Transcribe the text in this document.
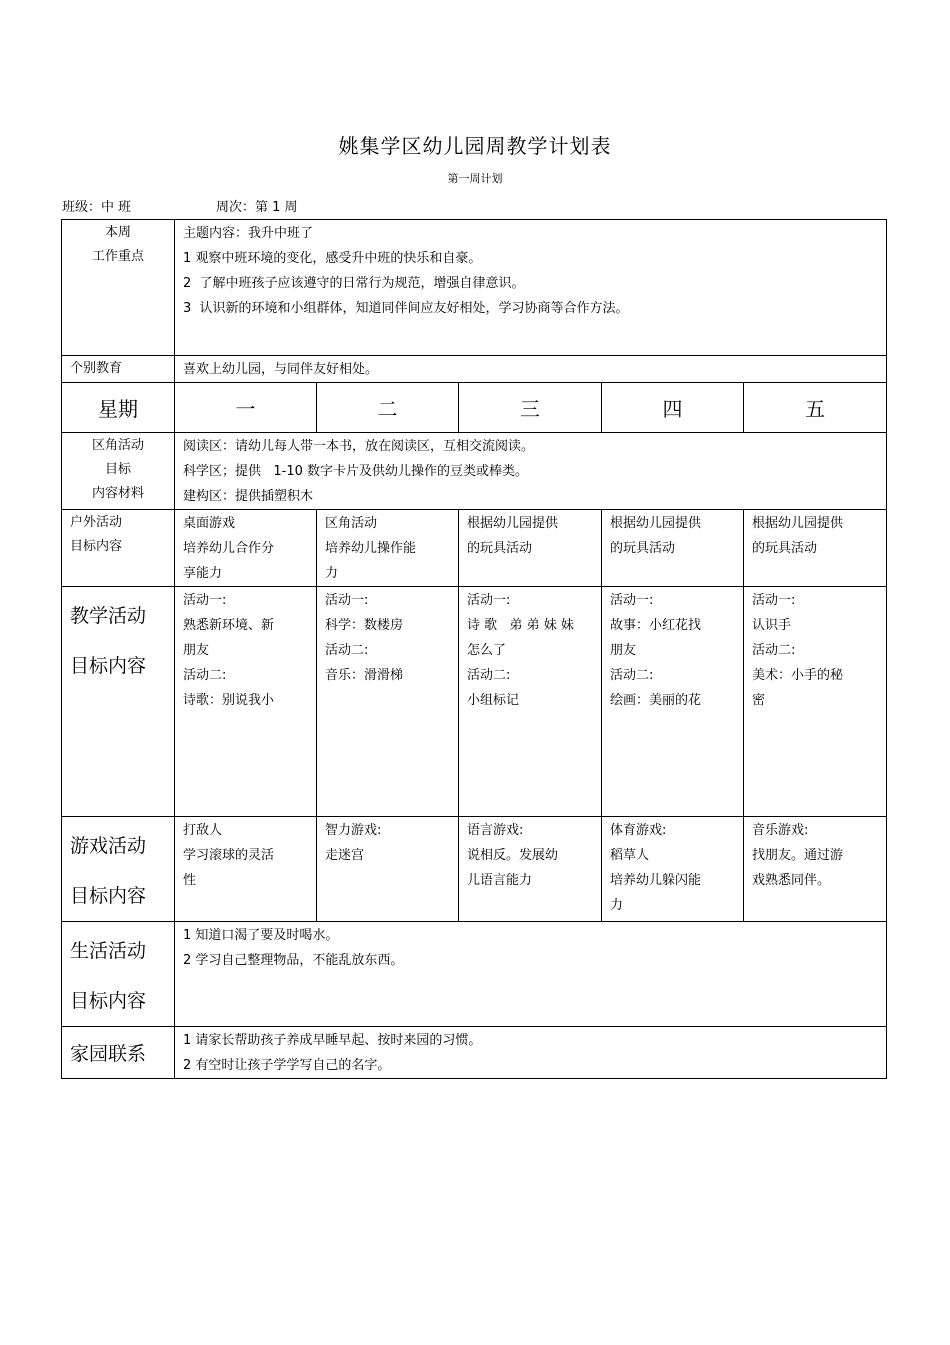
姚集学区幼儿园周教学计划表
第一周计划
班级：中 班	周次：第 1 周
本周
工作重点	主题内容：我升中班了
1 观察中班环境的变化，感受升中班的快乐和自豪。
2  了解中班孩子应该遵守的日常行为规范，增强自律意识。
3  认识新的环境和小组群体，知道同伴间应友好相处，学习协商等合作方法。				

个别教育	喜欢上幼儿园，与同伴友好相处。				
星期	一	二	三	四	五

区角活动
目标
内容材料	阅读区：请幼儿每人带一本书，放在阅读区，互相交流阅读。
科学区；提供   1-10 数字卡片及供幼儿操作的豆类或棒类。
建构区：提供插塑积木				

户外活动
目标内容	桌面游戏
培养幼儿合作分
享能力	区角活动
培养幼儿操作能
力	根据幼儿园提供
的玩具活动	根据幼儿园提供
的玩具活动	根据幼儿园提供
的玩具活动

教学活动
目标内容	活动一:
熟悉新环境、新
朋友
活动二:
诗歌：别说我小	活动一:
科学：数楼房
活动二:
音乐：滑滑梯	活动一:
诗 歌   弟 弟 妹 妹
怎么了
活动二:
小组标记	活动一:
故事：小红花找
朋友
活动二:
绘画：美丽的花	活动一:
认识手
活动二:
美术：小手的秘
密

游戏活动
目标内容	打敌人
学习滚球的灵活
性	智力游戏:
走迷宫	语言游戏:
说相反。发展幼
儿语言能力	体育游戏:
稻草人
培养幼儿躲闪能
力	音乐游戏:
找朋友。通过游
戏熟悉同伴。

生活活动
目标内容	1 知道口渴了要及时喝水。
2 学习自己整理物品，不能乱放东西。				

家园联系	1 请家长帮助孩子养成早睡早起、按时来园的习惯。
2 有空时让孩子学学写自己的名字。				
